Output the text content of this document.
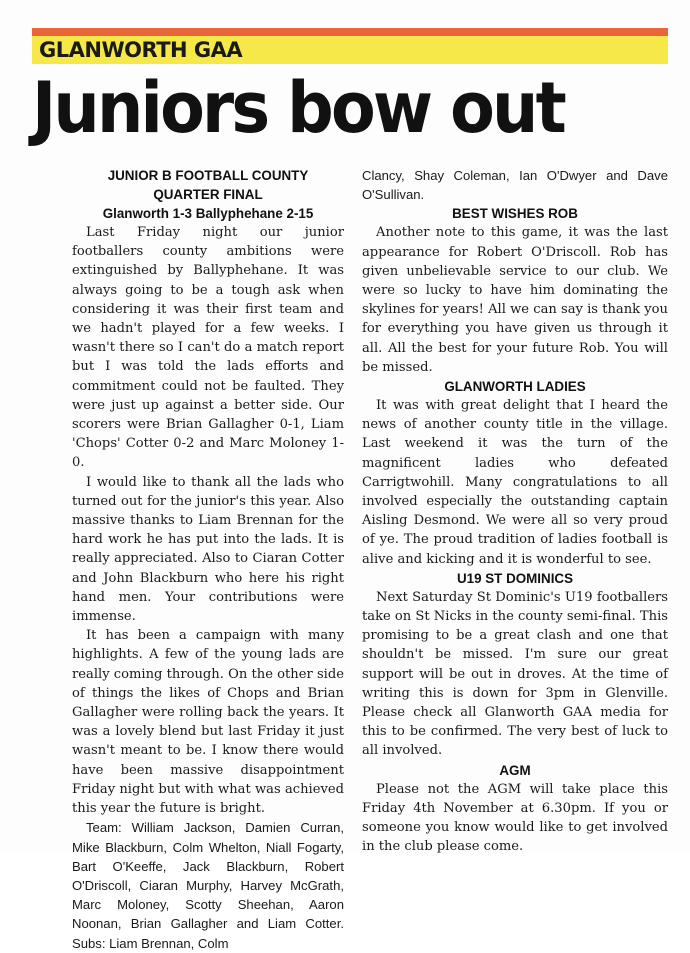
GLANWORTH GAA
Juniors bow out
JUNIOR B FOOTBALL COUNTY
QUARTER FINAL
Glanworth 1-3 Ballyphehane 2-15

Last Friday night our junior footballers county ambitions were extinguished by Ballyphehane. It was always going to be a tough ask when considering it was their first team and we hadn't played for a few weeks. I wasn't there so I can't do a match report but I was told the lads efforts and commitment could not be faulted. They were just up against a better side. Our scorers were Brian Gallagher 0-1, Liam 'Chops' Cotter 0-2 and Marc Moloney 1-0.

I would like to thank all the lads who turned out for the junior's this year. Also massive thanks to Liam Brennan for the hard work he has put into the lads. It is really appreciated. Also to Ciaran Cotter and John Blackburn who here his right hand men. Your contributions were immense.

It has been a campaign with many highlights. A few of the young lads are really coming through. On the other side of things the likes of Chops and Brian Gallagher were rolling back the years. It was a lovely blend but last Friday it just wasn't meant to be. I know there would have been massive disappointment Friday night but with what was achieved this year the future is bright.

Team: William Jackson, Damien Curran, Mike Blackburn, Colm Whelton, Niall Fogarty, Bart O'Keeffe, Jack Blackburn, Robert O'Driscoll, Ciaran Murphy, Harvey McGrath, Marc Moloney, Scotty Sheehan, Aaron Noonan, Brian Gallagher and Liam Cotter. Subs: Liam Brennan, Colm

Clancy, Shay Coleman, Ian O'Dwyer and Dave O'Sullivan.

BEST WISHES ROB

Another note to this game, it was the last appearance for Robert O'Driscoll. Rob has given unbelievable service to our club. We were so lucky to have him dominating the skylines for years! All we can say is thank you for everything you have given us through it all. All the best for your future Rob. You will be missed.

GLANWORTH LADIES

It was with great delight that I heard the news of another county title in the village. Last weekend it was the turn of the magnificent ladies who defeated Carrigtwohill. Many congratulations to all involved especially the outstanding captain Aisling Desmond. We were all so very proud of ye. The proud tradition of ladies football is alive and kicking and it is wonderful to see.

U19 ST DOMINICS

Next Saturday St Dominic's U19 footballers take on St Nicks in the county semi-final. This promising to be a great clash and one that shouldn't be missed. I'm sure our great support will be out in droves. At the time of writing this is down for 3pm in Glenville. Please check all Glanworth GAA media for this to be confirmed. The very best of luck to all involved.

AGM

Please not the AGM will take place this Friday 4th November at 6.30pm. If you or someone you know would like to get involved in the club please come.
